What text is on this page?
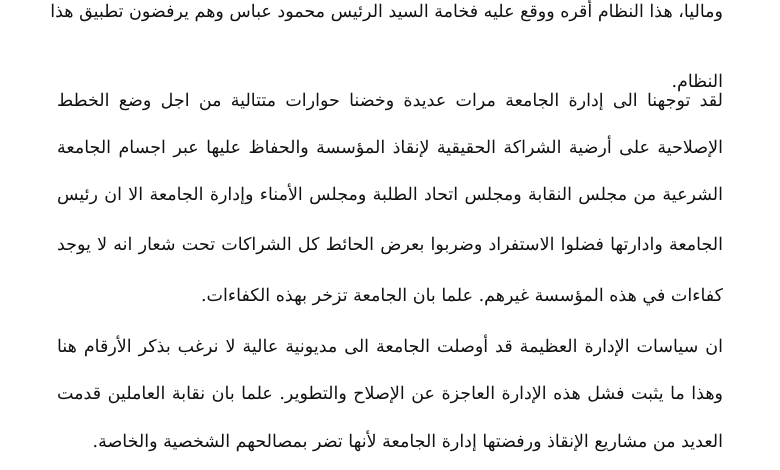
وماليا، هذا النظام أقره ووقع عليه فخامة السيد الرئيس محمود عباس وهم يرفضون تطبيق هذا
النظام.
لقد توجهنا الى إدارة الجامعة مرات عديدة وخضنا حوارات متتالية من اجل وضع الخطط
الإصلاحية على أرضية الشراكة الحقيقية لإنقاذ المؤسسة والحفاظ عليها عبر اجسام الجامعة
الشرعية من مجلس النقابة ومجلس اتحاد الطلبة ومجلس الأمناء وإدارة الجامعة الا ان رئيس
الجامعة وادارتها فضلوا الاستفراد وضربوا بعرض الحائط كل الشراكات تحت شعار انه لا يوجد
كفاءات في هذه المؤسسة غيرهم. علما بان الجامعة تزخر بهذه الكفاءات.
ان سياسات الإدارة العظيمة قد أوصلت الجامعة الى مديونية عالية لا نرغب بذكر الأرقام هنا
وهذا ما يثبت فشل هذه الإدارة العاجزة عن الإصلاح والتطوير. علما بان نقابة العاملين قدمت
العديد من مشاريع الإنقاذ ورفضتها إدارة الجامعة لأنها تضر بمصالحهم الشخصية والخاصة.
